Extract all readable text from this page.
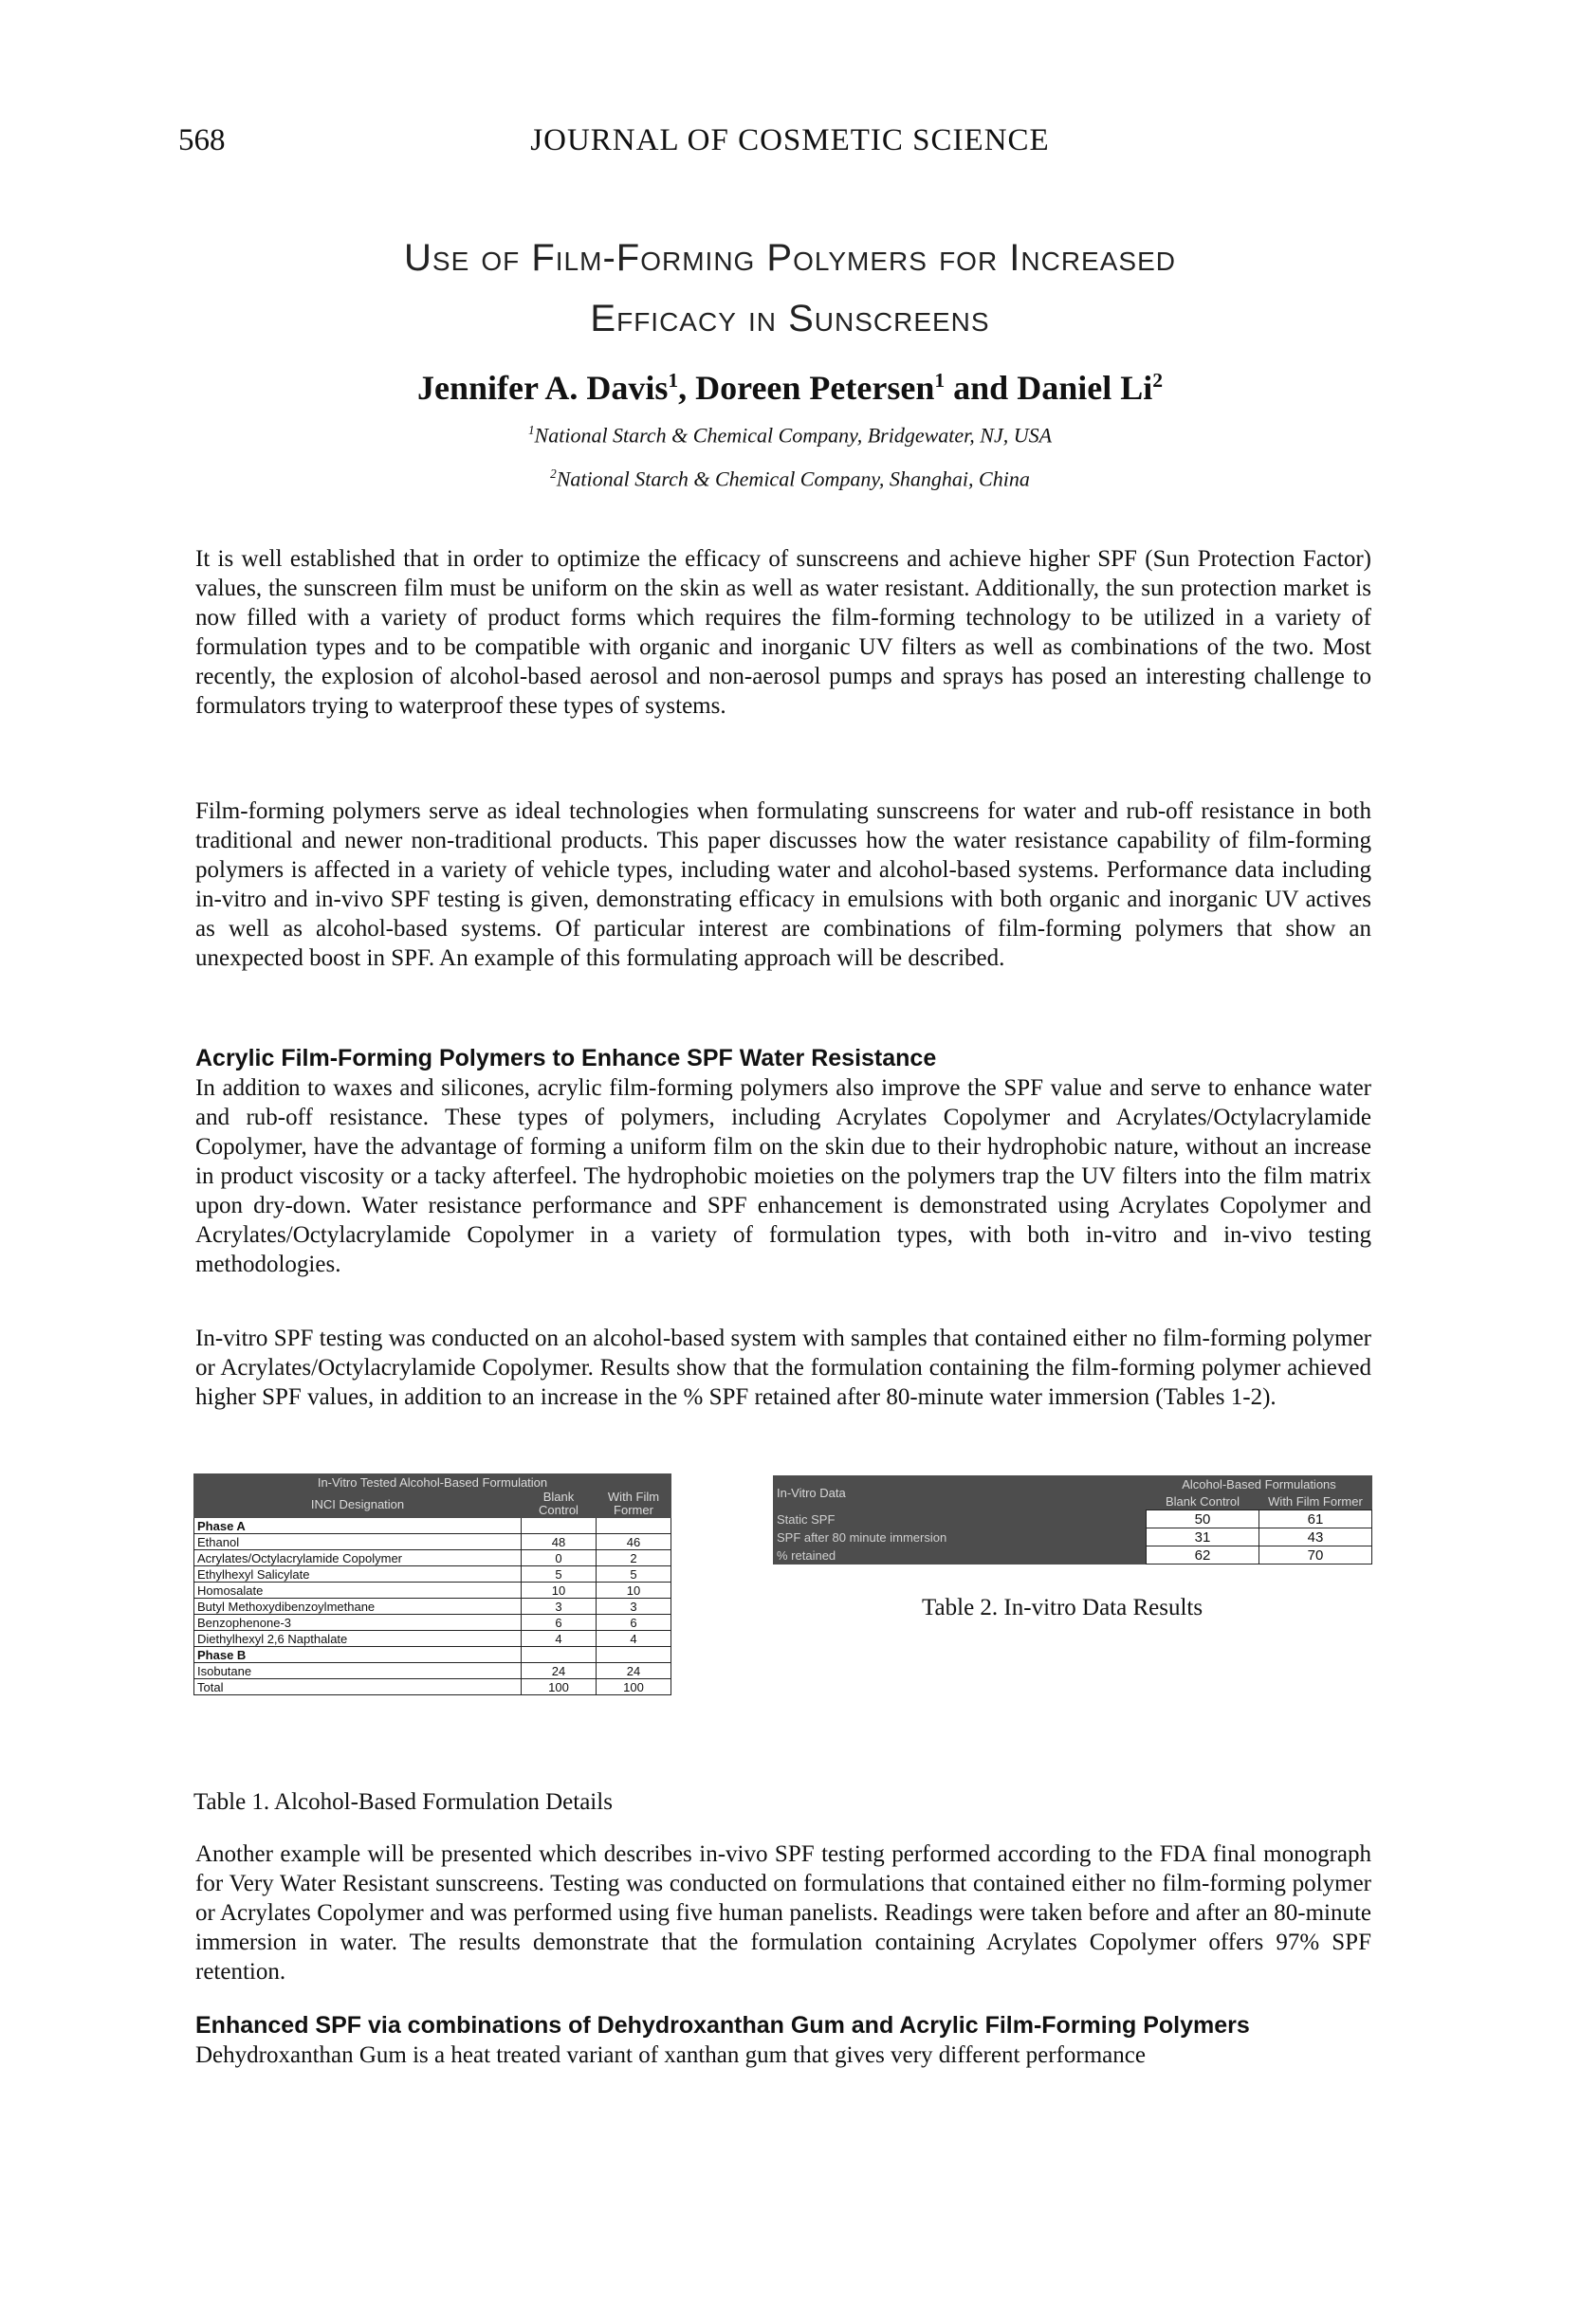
568	JOURNAL OF COSMETIC SCIENCE
Use of Film-Forming Polymers for Increased
Efficacy in Sunscreens
Jennifer A. Davis$^1$, Doreen Petersen$^1$ and Daniel Li$^2$
$^1$National Starch & Chemical Company, Bridgewater, NJ, USA
$^2$National Starch & Chemical Company, Shanghai, China
It is well established that in order to optimize the efficacy of sunscreens and achieve higher SPF (Sun Protection Factor) values, the sunscreen film must be uniform on the skin as well as water resistant. Additionally, the sun protection market is now filled with a variety of product forms which requires the film-forming technology to be utilized in a variety of formulation types and to be compatible with organic and inorganic UV filters as well as combinations of the two. Most recently, the explosion of alcohol-based aerosol and non-aerosol pumps and sprays has posed an interesting challenge to formulators trying to waterproof these types of systems.
Film-forming polymers serve as ideal technologies when formulating sunscreens for water and rub-off resistance in both traditional and newer non-traditional products. This paper discusses how the water resistance capability of film-forming polymers is affected in a variety of vehicle types, including water and alcohol-based systems. Performance data including in-vitro and in-vivo SPF testing is given, demonstrating efficacy in emulsions with both organic and inorganic UV actives as well as alcohol-based systems. Of particular interest are combinations of film-forming polymers that show an unexpected boost in SPF. An example of this formulating approach will be described.
Acrylic Film-Forming Polymers to Enhance SPF Water Resistance
In addition to waxes and silicones, acrylic film-forming polymers also improve the SPF value and serve to enhance water and rub-off resistance. These types of polymers, including Acrylates Copolymer and Acrylates/Octylacrylamide Copolymer, have the advantage of forming a uniform film on the skin due to their hydrophobic nature, without an increase in product viscosity or a tacky afterfeel. The hydrophobic moieties on the polymers trap the UV filters into the film matrix upon dry-down. Water resistance performance and SPF enhancement is demonstrated using Acrylates Copolymer and Acrylates/Octylacrylamide Copolymer in a variety of formulation types, with both in-vitro and in-vivo testing methodologies.
In-vitro SPF testing was conducted on an alcohol-based system with samples that contained either no film-forming polymer or Acrylates/Octylacrylamide Copolymer. Results show that the formulation containing the film-forming polymer achieved higher SPF values, in addition to an increase in the % SPF retained after 80-minute water immersion (Tables 1-2).
In-Vitro Tested Alcohol-Based Formulation		
INCI Designation	Blank Control	With Film Former
Phase A		
Ethanol	48	46
Acrylates/Octylacrylamide Copolymer	0	2
Ethylhexyl Salicylate	5	5
Homosalate	10	10
Butyl Methoxydibenzoylmethane	3	3
Benzophenone-3	6	6
Diethylhexyl 2,6 Napthalate	4	4
Phase B		
Isobutane	24	24
Total	100	100
Table 1. Alcohol-Based Formulation Details
In-Vitro Data	Alcohol-Based Formulations	
	Blank Control	With Film Former
Static SPF	50	61
SPF after 80 minute immersion	31	43
% retained	62	70
Table 2. In-vitro Data Results
Another example will be presented which describes in-vivo SPF testing performed according to the FDA final monograph for Very Water Resistant sunscreens. Testing was conducted on formulations that contained either no film-forming polymer or Acrylates Copolymer and was performed using five human panelists. Readings were taken before and after an 80-minute immersion in water. The results demonstrate that the formulation containing Acrylates Copolymer offers 97% SPF retention.
Enhanced SPF via combinations of Dehydroxanthan Gum and Acrylic Film-Forming Polymers
Dehydroxanthan Gum is a heat treated variant of xanthan gum that gives very different performance
